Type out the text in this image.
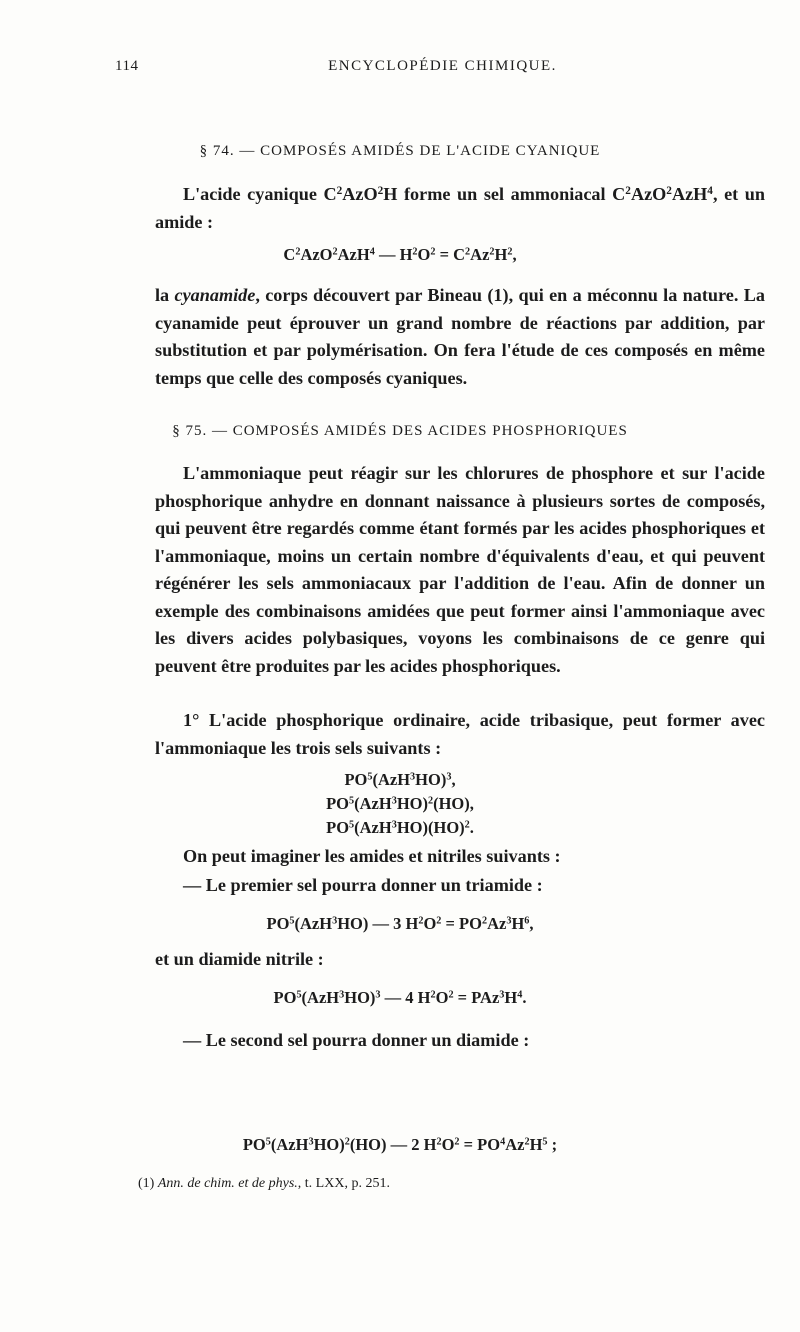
114	ENCYCLOPÉDIE CHIMIQUE.
§ 74. — COMPOSÉS AMIDÉS DE L'ACIDE CYANIQUE
L'acide cyanique $C^2AzO^2H$ forme un sel ammoniacal $C^2AzO^2AzH^4$, et un amide :
$C^2AzO^2AzH^4$ — $H^2O^2 = C^2Az^2H^2$,
la cyanamide, corps découvert par Bineau (1), qui en a méconnu la nature. La cyanamide peut éprouver un grand nombre de réactions par addition, par substitution et par polymérisation. On fera l'étude de ces composés en même temps que celle des composés cyaniques.
§ 75. — COMPOSÉS AMIDÉS DES ACIDES PHOSPHORIQUES
L'ammoniaque peut réagir sur les chlorures de phosphore et sur l'acide phosphorique anhydre en donnant naissance à plusieurs sortes de composés, qui peuvent être regardés comme étant formés par les acides phosphoriques et l'ammoniaque, moins un certain nombre d'équivalents d'eau, et qui peuvent régénérer les sels ammoniacaux par l'addition de l'eau. Afin de donner un exemple des combinaisons amidées que peut former ainsi l'ammoniaque avec les divers acides polybasiques, voyons les combinaisons de ce genre qui peuvent être produites par les acides phosphoriques.
1° L'acide phosphorique ordinaire, acide tribasique, peut former avec l'ammoniaque les trois sels suivants :
$PO^5(AzH^3HO)^3$,
$PO^5(AzH^3HO)^2(HO)$,
$PO^5(AzH^3HO)(HO)^2$.
On peut imaginer les amides et nitriles suivants :
— Le premier sel pourra donner un triamide :
$PO^5(AzH^3HO)$ — 3 $H^2O^2 = PO^2Az^3H^6$,
et un diamide nitrile :
$PO^5(AzH^3HO)^3$ — 4 $H^2O^2 = PAz^3H^4$.
— Le second sel pourra donner un diamide :
$PO^5(AzH^3HO)^2(HO)$ — 2 $H^2O^2 = PO^4Az^2H^5$ ;
(1) Ann. de chim. et de phys., t. LXX, p. 251.
